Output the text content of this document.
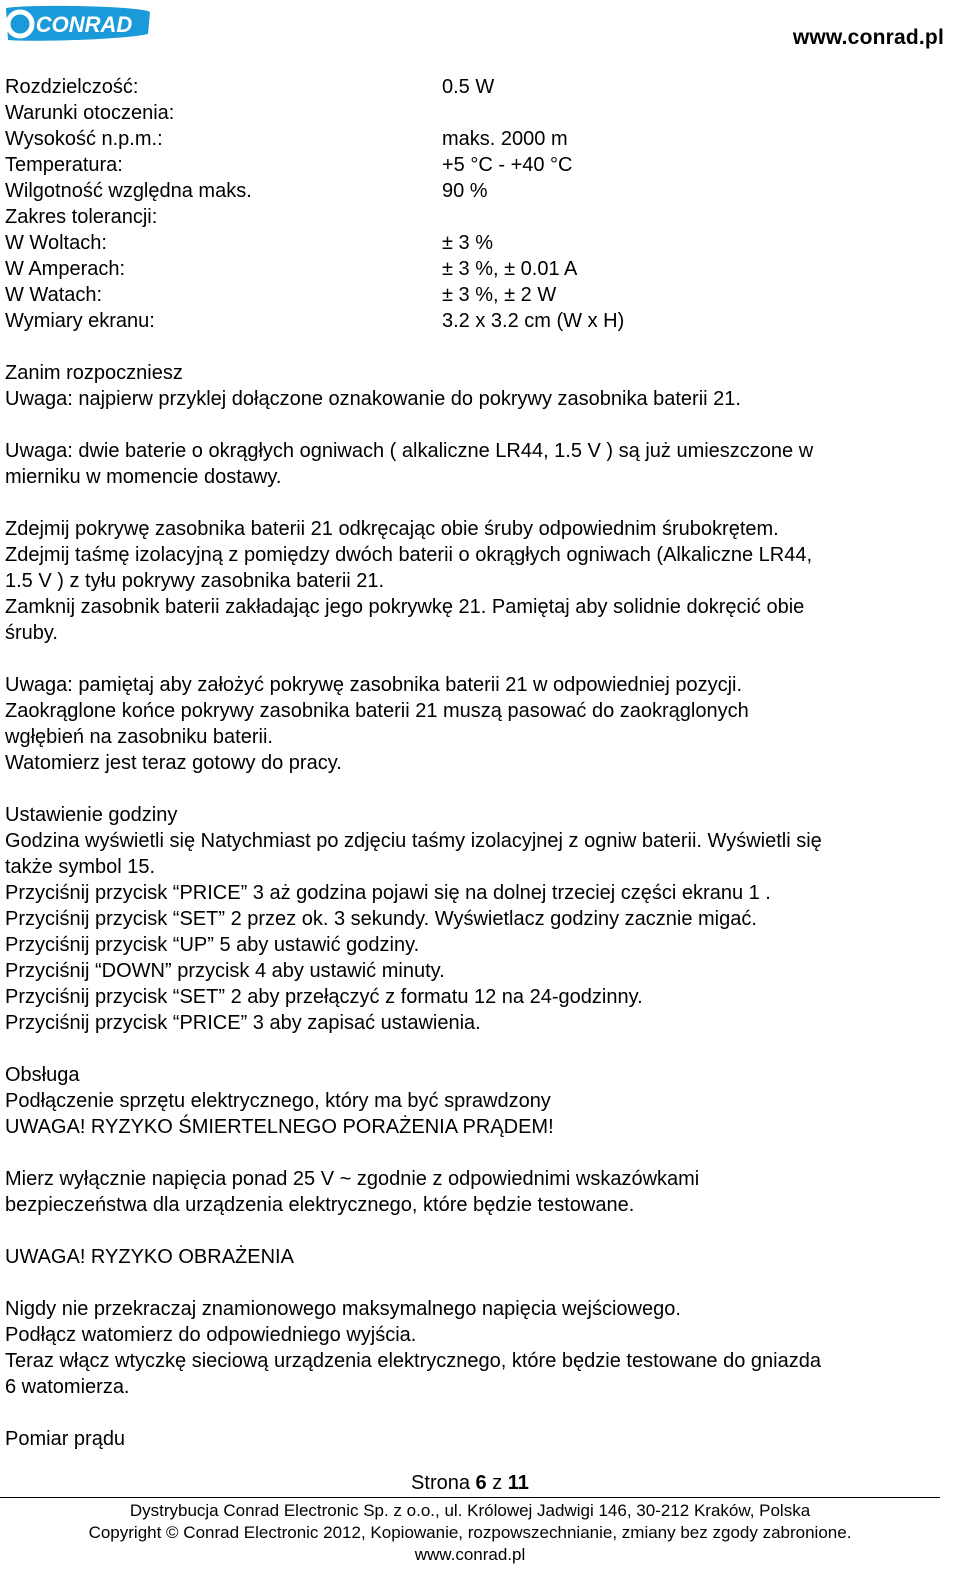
CONRAD
www.conrad.pl
Rozdzielczość:	0.5 W
Warunki otoczenia:
Wysokość n.p.m.:	maks. 2000 m
Temperatura:	+5 °C - +40 °C
Wilgotność względna maks.	90 %
Zakres tolerancji:
W Woltach:	± 3 %
W Amperach:	± 3 %, ± 0.01 A
W Watach:	± 3 %, ± 2 W
Wymiary ekranu:	3.2 x 3.2 cm (W x H)
Zanim rozpoczniesz
Uwaga: najpierw przyklej dołączone oznakowanie do pokrywy zasobnika baterii 21.
Uwaga: dwie baterie o okrągłych ogniwach ( alkaliczne LR44, 1.5 V ) są już umieszczone w
mierniku w momencie dostawy.
Zdejmij pokrywę zasobnika baterii 21 odkręcając obie śruby odpowiednim śrubokrętem.
Zdejmij taśmę izolacyjną z pomiędzy dwóch baterii o okrągłych ogniwach (Alkaliczne LR44,
1.5 V ) z tyłu pokrywy zasobnika baterii 21.
Zamknij zasobnik baterii zakładając jego pokrywkę 21. Pamiętaj aby solidnie dokręcić obie
śruby.
Uwaga: pamiętaj aby założyć pokrywę zasobnika baterii 21 w odpowiedniej pozycji.
Zaokrąglone końce pokrywy zasobnika baterii 21 muszą pasować do zaokrąglonych
wgłębień na zasobniku baterii.
Watomierz jest teraz gotowy do pracy.
Ustawienie godziny
Godzina wyświetli się Natychmiast po zdjęciu taśmy izolacyjnej z ogniw baterii. Wyświetli się
także symbol 15.
Przyciśnij przycisk “PRICE” 3 aż godzina pojawi się na dolnej trzeciej części ekranu 1 .
Przyciśnij przycisk “SET” 2 przez ok. 3 sekundy. Wyświetlacz godziny zacznie migać.
Przyciśnij przycisk “UP” 5 aby ustawić godziny.
Przyciśnij “DOWN” przycisk 4 aby ustawić minuty.
Przyciśnij przycisk “SET” 2 aby przełączyć z formatu 12 na 24-godzinny.
Przyciśnij przycisk “PRICE” 3 aby zapisać ustawienia.
Obsługa
Podłączenie sprzętu elektrycznego, który ma być sprawdzony
UWAGA! RYZYKO ŚMIERTELNEGO PORAŻENIA PRĄDEM!
Mierz wyłącznie napięcia ponad 25 V ~ zgodnie z odpowiednimi wskazówkami
bezpieczeństwa dla urządzenia elektrycznego, które będzie testowane.
UWAGA! RYZYKO OBRAŻENIA
Nigdy nie przekraczaj znamionowego maksymalnego napięcia wejściowego.
Podłącz watomierz do odpowiedniego wyjścia.
Teraz włącz wtyczkę sieciową urządzenia elektrycznego, które będzie testowane do gniazda
6 watomierza.
Pomiar prądu
Strona 6 z 11
Dystrybucja Conrad Electronic Sp. z o.o., ul. Królowej Jadwigi 146, 30-212 Kraków, Polska
Copyright © Conrad Electronic 2012, Kopiowanie, rozpowszechnianie, zmiany bez zgody zabronione.
www.conrad.pl
